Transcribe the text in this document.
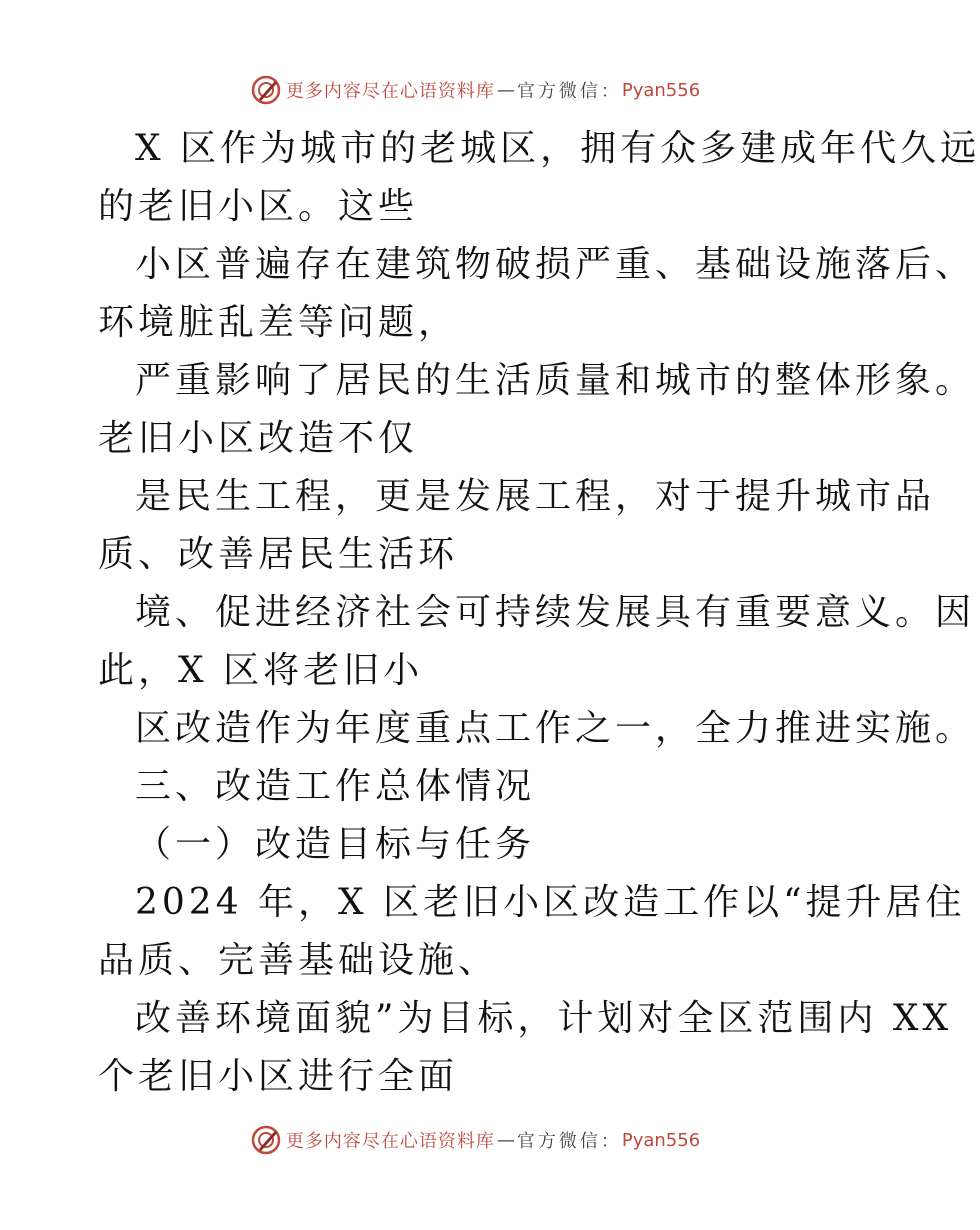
更多内容尽在心语资料库 — 官方微信： Pyan556
X 区作为城市的老城区，拥有众多建成年代久远
的老旧小区。这些
小区普遍存在建筑物破损严重、基础设施落后、
环境脏乱差等问题，
严重影响了居民的生活质量和城市的整体形象。
老旧小区改造不仅
是民生工程，更是发展工程，对于提升城市品
质、改善居民生活环
境、促进经济社会可持续发展具有重要意义。因
此，X 区将老旧小
区改造作为年度重点工作之一，全力推进实施。
三、改造工作总体情况
（一）改造目标与任务
2024 年，X 区老旧小区改造工作以“提升居住
品质、完善基础设施、
改善环境面貌”为目标，计划对全区范围内 XX
个老旧小区进行全面
更多内容尽在心语资料库 — 官方微信： Pyan556
